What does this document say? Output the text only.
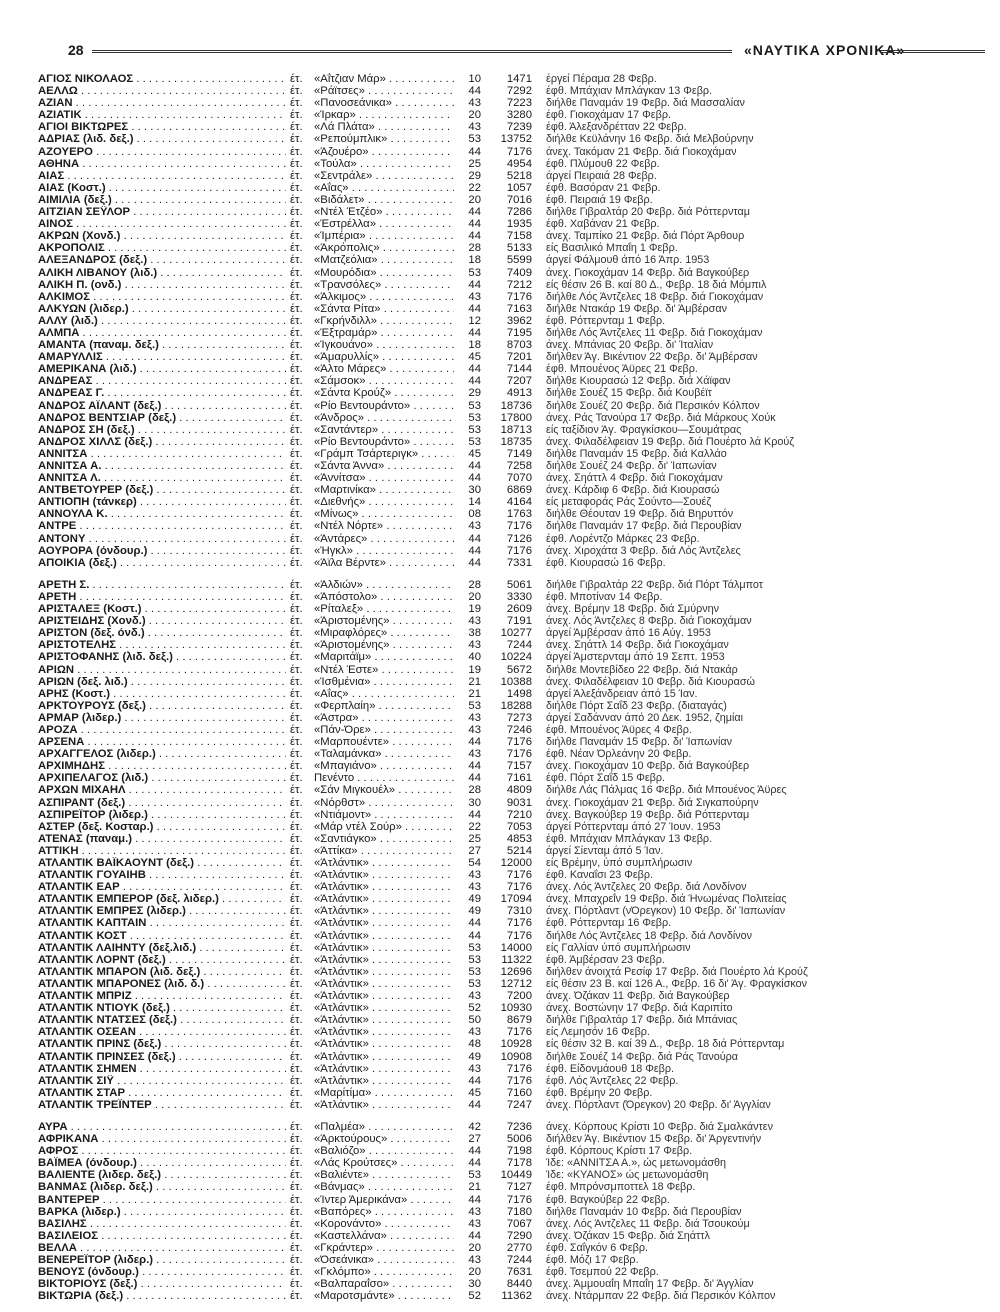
28	«ΝΑΥΤΙΚΑ ΧΡΟΝΙΚΑ»
ΑΓΙΟΣ ΝΙΚΟΛΑΟΣ . . .	έτ.	«Αΐτζιαν Μάρ» . . .	10	1471 έργεί Πέραμα 28 Φεβρ.
ΑΕΛΛΩ . . .	έτ.	«Ράϊτσες» . . .	44	7292 έφθ. Μπάχιαν Μπλάγκαν 13 Φεβρ.
ΑΖΙΑΝ . . .	έτ.	«Πανοσεάνικα» . . .	43	7223 διήλθε Παναμάν 19 Φεβρ. διά Μασσαλίαν
ΑΖΙΑΤΙΚ . . .	έτ.	«Ίρκαρ» . . .	20	3280 έφθ. Γιοκοχάμαν 17 Φεβρ.
ΑΓΙΟΙ ΒΙΚΤΩΡΕΣ . . .	έτ.	«Λά Πλάτα» . . .	43	7239 έφθ. Άλεξανδρέτταν 22 Φεβρ.
ΑΔΡΙΑΣ (λιδ. δεξ.) . . .	έτ.	«Ρεπούμπλικ» . . .	53	13752 διήλθε Κεϋλάνην 16 Φεβρ. διά Μελβούρνην
ΑΖΟΥΕΡΟ . . .	έτ.	«Άζουέρο» . . .	44	7176 άνεχ. Τακόμαν 21 Φεβρ. διά Γιοκοχάμαν
ΑΘΗΝΑ . . .	έτ.	«Τούλα» . . .	25	4954 έφθ. Πλύμουθ 22 Φεβρ.
ΑΙΑΣ . . .	έτ.	«Σεντράλε» . . .	29	5218 άργεί Πειραιά 28 Φεβρ.
ΑΙΑΣ (Κοστ.) . . .	έτ.	«Αΐας» . . .	22	1057 έφθ. Βασόραν 21 Φεβρ.
ΑΙΜΙΛΙΑ (δεξ.) . . .	έτ.	«Βιδάλετ» . . .	20	7016 έφθ. Πειραιά 19 Φεβρ.
ΑΙΤΖΙΑΝ ΣΕΫΛΟΡ . . .	έτ.	«Ντέλ Έτζέο» . . .	44	7286 διήλθε Γιβραλτάρ 20 Φεβρ. διά Ρόττερνταμ
ΑΙΝΟΣ . . .	έτ.	«Έστρέλλα» . . .	44	1935 έφθ. Χαβάναν 21 Φεβρ.
ΑΚΡΩΝ (Χονδ.) . . .	έτ.	«Ίμπέρια» . . .	44	7158 άνεχ. Ταμπίκο 21 Φεβρ. διά Πόρτ Άρθουρ
ΑΚΡΟΠΟΛΙΣ . . .	έτ.	«Άκρόπολις» . . .	28	5133 είς Βασιλικό Μπαΐη 1 Φεβρ.
ΑΛΕΞΑΝΔΡΟΣ (δεξ.) . . .	έτ.	«Ματζεόλια» . . .	18	5599 άργεί Φάλμουθ άπό 16 Άπρ. 1953
ΑΛΙΚΗ ΛΙΒΑΝΟΥ (λιδ.) . . .	έτ.	«Μουρόδια» . . .	53	7409 άνεχ. Γιοκοχάμαν 14 Φεβρ. διά Βαγκούβερ
ΑΛΙΚΗ Π. (ονδ.) . . .	έτ.	«Τρανσόλες» . . .	44	7212 είς θέσιν 26 Β. καί 80 Δ., Φεβρ. 18 διά Μόμπιλ
ΑΛΚΙΜΟΣ . . .	έτ.	«Άλκιμος» . . .	43	7176 διήλθε Λός Άντζελες 18 Φεβρ. διά Γιοκοχάμαν
ΑΛΚΥΩΝ (λιδερ.) . . .	έτ.	«Σάντα Ρίτα» . . .	44	7163 διήλθε Ντακάρ 19 Φεβρ. δι' Άμβέρσαν
ΑΛΛΥ (λιδ.) . . .	έτ.	«Γκρήνδιλλ» . . .	12	3962 έφθ. Ρόττερνταμ 1 Φεβρ.
ΑΛΜΠΑ . . .	έτ.	«Έξτραμάρ» . . .	44	7195 διήλθε Λός Άντζελες 11 Φεβρ. διά Γιοκοχάμαν
ΑΜΑΝΤΑ (παναμ. δεξ.) . . .	έτ.	«Ίγκουάνο» . . .	18	8703 άνεχ. Μπάνιας 20 Φεβρ. δι' Ίταλίαν
ΑΜΑΡΥΛΛΙΣ . . .	έτ.	«Άμαρυλλίς» . . .	45	7201 διήλθεν Άγ. Βικέντιον 22 Φεβρ. δι' Άμβέρσαν
ΑΜΕΡΙΚΑΝΑ (λιδ.) . . .	έτ.	«Άλτο Μάρες» . . .	44	7144 έφθ. Μπουένος Άϋρες 21 Φεβρ.
ΑΝΔΡΕΑΣ . . .	έτ.	«Σάμσοκ» . . .	44	7207 διήλθε Κιουρασώ 12 Φεβρ. διά Χάϊφαν
ΑΝΔΡΕΑΣ Γ. . . .	έτ.	«Σάντα Κρούζ» . . .	29	4913 διήλθε Σουέζ 15 Φεβρ. διά Κουβέϊτ
ΑΝΔΡΟΣ ΑΪΛΑΝΤ (δεξ.) . . .	έτ.	«Ρίο Βεντουράντο» . . .	53	18736 διήλθε Σουέζ 20 Φεβρ. διά Περσικόν Κόλπον
ΑΝΔΡΟΣ ΒΕΝΤΣΙΑΡ (δεξ.) . . .	έτ.	«Άνδρος» . . .	53	17800 άνεχ. Ράς Τανούρα 17 Φεβρ. διά Μάρκους Χούκ
ΑΝΔΡΟΣ ΣΗ (δεξ.) . . .	έτ.	«Σαντάντερ» . . .	53	18713 είς ταξίδιον Άγ. Φραγκίσκου—Σουμάτρας
ΑΝΔΡΟΣ ΧΙΛΛΣ (δεξ.) . . .	έτ.	«Ρίο Βεντουράντο» . . .	53	18735 άνεχ. Φιλαδέλφειαν 19 Φεβρ. διά Πουέρτο λά Κρούζ
ΑΝΝΙΤΣΑ . . .	έτ.	«Γράμπ Τσάρτεριγκ» . . .	45	7149 διήλθε Παναμάν 15 Φεβρ. διά Καλλάο
ΑΝΝΙΤΣΑ Α. . . .	έτ.	«Σάντα Άννα» . . .	44	7258 διήλθε Σουέζ 24 Φεβρ. δι' Ίαπωνίαν
ΑΝΝΙΤΣΑ Λ. . . .	έτ.	«Άννίτσα» . . .	44	7070 άνεχ. Σηάττλ 4 Φεβρ. διά Γιοκοχάμαν
ΑΝΤΒΕΤΟΥΡΕΡ (δεξ.) . . .	έτ.	«Μαρτινίκα» . . .	30	6869 άνεχ. Κάρδιφ 6 Φεβρ. διά Κιουρασώ
ΑΝΤΙΟΠΗ (τάνκερ) . . .	έτ.	«Διεθνής» . . .	14	4164 είς μεταφοράς Ράς Σούντο—Σουέζ
ΑΝΝΟΥΛΑ Κ. . . .	έτ.	«Μίνως» . . .	08	1763 διήλθε Θέουταν 19 Φεβρ. διά Βηρυττόν
ΑΝΤΡΕ . . .	έτ.	«Ντέλ Νόρτε» . . .	43	7176 διήλθε Παναμάν 17 Φεβρ. διά Περουβίαν
ΑΝΤΟΝΥ . . .	έτ.	«Άντάρες» . . .	44	7126 έφθ. Λορέντζο Μάρκες 23 Φεβρ.
ΑΟΥΡΟΡΑ (όνδουρ.) . . .	έτ.	«Ήγκλ» . . .	44	7176 άνεχ. Χιροχάτα 3 Φεβρ. διά Λός Άντζελες
ΑΠΟΙΚΙΑ (δεξ.) . . .	έτ.	«Άϊλα Βέρντε» . . .	44	7331 έφθ. Κιουρασώ 16 Φεβρ.
ΑΡΕΤΗ Σ. . . .	έτ.	«Άλδιών» . . .	28	5061 διήλθε Γιβραλτάρ 22 Φεβρ. διά Πόρτ Τάλμποτ
ΑΡΕΤΗ . . .	έτ.	«Άπόστολο» . . .	20	3330 έφθ. Μποτίναν 14 Φεβρ.
ΑΡΙΣΤΑΛΕΞ (Κοστ.) . . .	έτ.	«Ρίταλεξ» . . .	19	2609 άνεχ. Βρέμην 18 Φεβρ. διά Σμύρνην
ΑΡΙΣΤΕΙΔΗΣ (Χονδ.) . . .	έτ.	«Άριστομένης» . . .	43	7191 άνεχ. Λός Άντζελες 8 Φεβρ. διά Γιοκοχάμαν
ΑΡΙΣΤΟΝ (δεξ. όνδ.) . . .	έτ.	«Μιραφλόρες» . . .	38	10277 άργεί Άμβέρσαν άπό 16 Αύγ. 1953
ΑΡΙΣΤΟΤΕΛΗΣ . . .	έτ.	«Άριστομένης» . . .	43	7244 άνεχ. Σηάττλ 14 Φεβρ. διά Γιοκοχάμαν
ΑΡΙΣΤΟΦΑΝΗΣ (λιδ. δεξ.) . . .	έτ.	«Μαριτάϊμ» . . .	40	10224 άργεί Άμστερνταμ άπό 19 Σεπτ. 1953
ΑΡΙΩΝ . . .	έτ.	«Ντέλ Έστε» . . .	19	5672 διήλθε Μοντεβίδεο 22 Φεβρ. διά Ντακάρ
ΑΡΙΩΝ (δεξ. λιδ.) . . .	έτ.	«Ίσθμένια» . . .	21	10388 άνεχ. Φιλαδέλφειαν 10 Φεβρ. διά Κιουρασώ
ΑΡΗΣ (Κοστ.) . . .	έτ.	«Αΐας» . . .	21	1498 άργεί Άλεξάνδρειαν άπό 15 Ίαν.
ΑΡΚΤΟΥΡΟΥΣ (δεξ.) . . .	έτ.	«Φερπλαίη» . . .	53	18288 διήλθε Πόρτ Σαΐδ 23 Φεβρ. (διαταγάς)
ΑΡΜΑΡ (λιδερ.) . . .	έτ.	«Άστρα» . . .	43	7273 άργεί Σαδάνναν άπό 20 Δεκ. 1952, ζημίαι
ΑΡΟΖΑ . . .	έτ.	«Πάν-Όρε» . . .	43	7246 έφθ. Μπουένος Άϋρες 4 Φεβρ.
ΑΡΣΕΝΑ . . .	έτ.	«Μαρπουέντε» . . .	44	7176 διήλθε Παναμάν 15 Φεβρ. δι' Ίαπωνίαν
ΑΡΧΑΓΓΕΛΟΣ (λιδερ.) . . .	έτ.	«Ταλαμάνκα» . . .	43	7176 έφθ. Νέαν Όρλεάνην 20 Φεβρ.
ΑΡΧΙΜΗΔΗΣ . . .	έτ.	«Μπαγιάνο» . . .	44	7157 άνεχ. Γιοκοχάμαν 10 Φεβρ. διά Βαγκούβερ
ΑΡΧΙΠΕΛΑΓΟΣ (λιδ.) . . .	έτ.	Πενέντο . . .	44	7161 έφθ. Πόρτ Σαΐδ 15 Φεβρ.
ΑΡΧΩΝ ΜΙΧΑΗΛ . . .	έτ.	«Σάν Μιγκουέλ» . . .	28	4809 διήλθε Λάς Πάλμας 16 Φεβρ. διά Μπουένος Άϋρες
ΑΣΠΙΡΑΝΤ (δεξ.) . . .	έτ.	«Νόρθστ» . . .	30	9031 άνεχ. Γιοκοχάμαν 21 Φεβρ. διά Σιγκαπούρην
ΑΣΠΙΡΕΪΤΟΡ (λιδερ.) . . .	έτ.	«Ντιάμοντ» . . .	44	7210 άνεχ. Βαγκούβερ 19 Φεβρ. διά Ρόττερνταμ
ΑΣΤΕΡ (δεξ. Κοσταρ.) . . .	έτ.	«Μάρ ντέλ Σούρ» . . .	22	7053 άργεί Ρόττερνταμ άπό 27 Ίουν. 1953
ΑΤΕΝΑΣ (παναμ.) . . .	έτ.	«Σαντιάγκο» . . .	25	4853 έφθ. Μπάχιαν Μπλάγκαν 13 Φεβρ.
ΑΤΤΙΚΗ . . .	έτ.	«Άττίκα» . . .	27	5214 άργεί Σίενταμ άπό 5 Ίαν.
ΑΤΛΑΝΤΙΚ ΒΑΪΚΑΟΥΝΤ (δεξ.) . . .	έτ.	«Άτλάντικ» . . .	54	12000 είς Βρέμην, ύπό συμπλήρωσιν
ΑΤΛΑΝΤΙΚ ΓΟΥΑΙΗΒ . . .	έτ.	«Άτλάντικ» . . .	43	7176 έφθ. Καναΐσι 23 Φεβρ.
ΑΤΛΑΝΤΙΚ ΕΑΡ . . .	έτ.	«Άτλάντικ» . . .	43	7176 άνεχ. Λός Άντζελες 20 Φεβρ. διά Λονδίνον
ΑΤΛΑΝΤΙΚ ΕΜΠΕΡΟΡ (δεξ. λιδερ.) . . .	έτ.	«Άτλάντικ» . . .	49	17094 άνεχ. Μπαχρεΐν 19 Φεβρ. διά Ήνωμένας Πολιτείας
ΑΤΛΑΝΤΙΚ ΕΜΠΡΕΣ (λιδερ.) . . .	έτ.	«Άτλάντικ» . . .	49	7310 άνεχ. Πόρτλαντ (νΌρεγκον) 10 Φεβρ. δι' Ίαπωνίαν
ΑΤΛΑΝΤΙΚ ΚΑΠΤΑΙΝ . . .	έτ.	«Άτλάντικ» . . .	44	7176 έφθ. Ρόττερνταμ 16 Φεβρ.
ΑΤΛΑΝΤΙΚ ΚΟΣΤ . . .	έτ.	«Άτλάντικ» . . .	44	7176 διήλθε Λός Άντζελες 18 Φεβρ. διά Λονδίνον
ΑΤΛΑΝΤΙΚ ΛΑΙΗΝΤΥ (δεξ.λιδ.) . . .	έτ.	«Άτλάντικ» . . .	53	14000 είς Γαλλίαν ύπό συμπλήρωσιν
ΑΤΛΑΝΤΙΚ ΛΟΡΝΤ (δεξ.) . . .	έτ.	«Άτλάντικ» . . .	53	11322 έφθ. Άμβέρσαν 23 Φεβρ.
ΑΤΛΑΝΤΙΚ ΜΠΑΡΟΝ (λιδ. δεξ.) . . .	έτ.	«Άτλάντικ» . . .	53	12696 διήλθεν άνοιχτά Ρεσίφ 17 Φεβρ. διά Πουέρτο λά Κρούζ
ΑΤΛΑΝΤΙΚ ΜΠΑΡΟΝΕΣ (λιδ. δ.) . . .	έτ.	«Άτλάντικ» . . .	53	12712 είς θέσιν 23 Β. καί 126 Α., Φεβρ. 16 δι' Άγ. Φραγκίσκον
ΑΤΛΑΝΤΙΚ ΜΠΡΙΖ . . .	έτ.	«Άτλάντικ» . . .	43	7200 άνεχ. Όζάκαν 11 Φεβρ. διά Βαγκούβερ
ΑΤΛΑΝΤΙΚ ΝΤΙΟΥΚ (δεξ.) . . .	έτ.	«Άτλάντικ» . . .	52	10930 άνεχ. Βοστώνην 17 Φεβρ. διά Καριπίτο
ΑΤΛΑΝΤΙΚ ΝΤΑΤΣΕΣ (δεξ.) . . .	έτ.	«Άτλάντικ» . . .	50	8679 διήλθε Γιβραλτάρ 17 Φεβρ. διά Μπάνιας
ΑΤΛΑΝΤΙΚ ΟΣΕΑΝ . . .	έτ.	«Άτλάντικ» . . .	43	7176 είς Λεμησόν 16 Φεβρ.
ΑΤΛΑΝΤΙΚ ΠΡΙΝΣ (δεξ.) . . .	έτ.	«Άτλάντικ» . . .	48	10928 είς θέσιν 32 Β. καί 39 Δ., Φεβρ. 18 διά Ρόττερνταμ
ΑΤΛΑΝΤΙΚ ΠΡΙΝΣΕΣ (δεξ.) . . .	έτ.	«Άτλάντικ» . . .	49	10908 διήλθε Σουέζ 14 Φεβρ. διά Ράς Τανούρα
ΑΤΛΑΝΤΙΚ ΣΗΜΕΝ . . .	έτ.	«Άτλάντικ» . . .	43	7176 έφθ. Είδονμάουθ 18 Φεβρ.
ΑΤΛΑΝΤΙΚ ΣΙΫ . . .	έτ.	«Άτλάντικ» . . .	44	7176 έφθ. Λός Άντζελες 22 Φεβρ.
ΑΤΛΑΝΤΙΚ ΣΤΑΡ . . .	έτ.	«Μαρίτίμα» . . .	45	7160 έφθ. Βρέμην 20 Φεβρ.
ΑΤΛΑΝΤΙΚ ΤΡΕΪΝΤΕΡ . . .	έτ.	«Άτλάντικ» . . .	44	7247 άνεχ. Πόρτλαντ (Όρεγκον) 20 Φεβρ. δι' Άγγλίαν
ΑΥΡΑ . . .	έτ.	«Παλμέα» . . .	42	7236 άνεχ. Κόρπους Κρίστι 10 Φεβρ. διά Σμαλκάντεν
ΑΦΡΙΚΑΝΑ . . .	έτ.	«Άρκτούρους» . . .	27	5006 διήλθεν Άγ. Βικέντιον 15 Φεβρ. δι' Άργεντινήν
ΑΦΡΟΣ . . .	έτ.	«Βαλιόζο» . . .	44	7198 έφθ. Κόρπους Κρίστι 17 Φεβρ.
ΒΑΪΜΕΑ (όνδουρ.) . . .	έτ.	«Λάς Κρούτσες» . . .	44	7178 Ίδε: «ΑΝΝΙΤΣΑ Α.», ώς μετωνομάσθη
ΒΑΛΙΕΝΤΕ (λιδερ. δεξ.) . . .	έτ.	«Βαλιέντε» . . .	53	10449 Ίδε: «ΚΥΑΝΟΣ» ώς μετωνομάσθη
ΒΑΝΜΑΣ (λιδερ. δεξ.) . . .	έτ.	«Βάνμας» . . .	21	7127 έφθ. Μπρόνσμποττελ 18 Φεβρ.
ΒΑΝΤΕΡΕΡ . . .	έτ.	«Ίντερ Άμερικάνα» . . .	44	7176 έφθ. Βαγκούβερ 22 Φεβρ.
ΒΑΡΚΑ (λιδερ.) . . .	έτ.	«Βαπόρες» . . .	43	7180 διήλθε Παναμάν 10 Φεβρ. διά Περουβίαν
ΒΑΣΙΛΗΣ . . .	έτ.	«Κοροvάντο» . . .	43	7067 άνεχ. Λός Άντζελες 11 Φεβρ. διά Τσουκούμ
ΒΑΣΙΛΕΙΟΣ . . .	έτ.	«Καστελλάνα» . . .	44	7290 άνεχ. Όζάκαν 15 Φεβρ. διά Σηάττλ
ΒΕΛΛΑ . . .	έτ.	«Γκράντερ» . . .	20	2770 έφθ. Σαΐγκόν 6 Φεβρ.
ΒΕΝΕΡΕΪΤΟΡ (λιδερ.) . . .	έτ.	«Όσεάνικα» . . .	43	7244 έφθ. Μόζι 17 Φεβρ.
ΒΕΝΟΥΣ (όνδουρ.) . . .	έτ.	«Γκλόμπο» . . .	20	7631 έφθ. Τσεμπού 22 Φεβρ.
ΒΙΚΤΟΡΙΟΥΣ (δεξ.) . . .	έτ.	«Βαλπαραΐσο» . . .	30	8440 άνεχ. Άμμουαΐη Μπαΐη 17 Φεβρ. δι' Άγγλίαν
ΒΙΚΤΩΡΙΑ (δεξ.) . . .	έτ.	«Μαροτσμάντε» . . .	52	11362 άνεχ. Ντάρμπαν 22 Φεβρ. διά Περσικόν Κόλπον
